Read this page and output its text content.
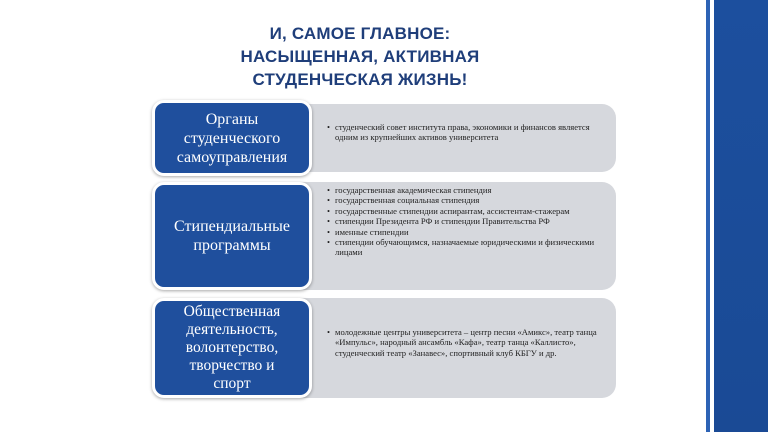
И, САМОЕ ГЛАВНОЕ:
НАСЫЩЕННАЯ, АКТИВНАЯ
СТУДЕНЧЕСКАЯ ЖИЗНЬ!
Органы
студенческого
самоуправления
• студенческий совет института права, экономики и финансов является одним из крупнейших активов университета
Стипендиальные
программы
• государственная академическая стипендия
• государственная социальная стипендия
• государственные стипендии аспирантам, ассистентам-стажерам
• стипендии Президента РФ и стипендии Правительства РФ
• именные стипендии
• стипендии обучающимся, назначаемые юридическими и физическими лицами
Общественная
деятельность,
волонтерство,
творчество и
спорт
• молодежные центры университета – центр песни «Амикс», театр танца «Импульс», народный ансамбль «Кафа», театр танца «Каллисто», студенческий театр «Занавес», спортивный клуб КБГУ и др.
